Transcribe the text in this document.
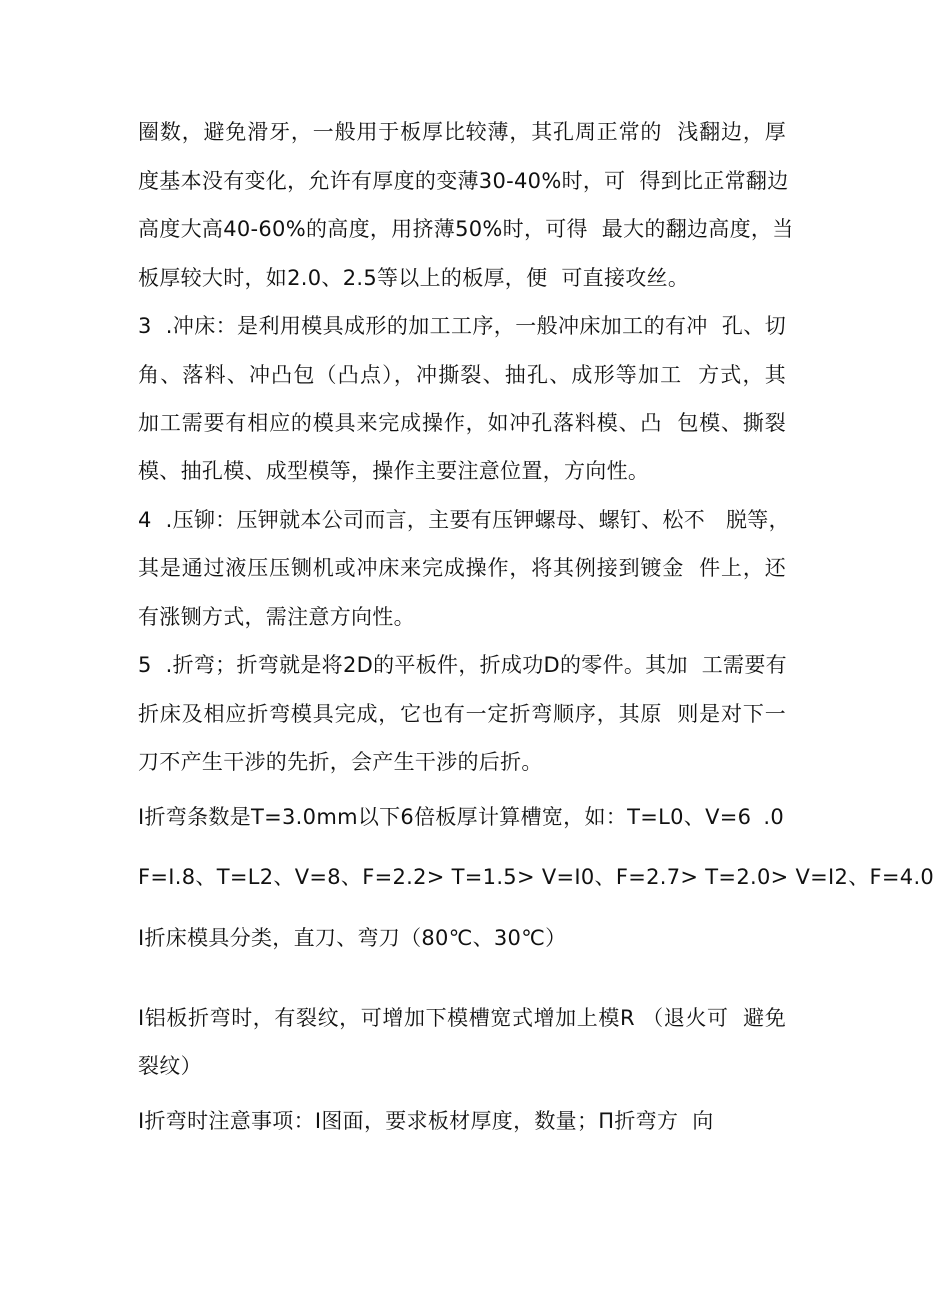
圈数，避免滑牙，一般用于板厚比较薄，其孔周正常的  浅翻边，厚
度基本没有变化，允许有厚度的变薄30-40%时，可  得到比正常翻边
高度大高40-60%的高度，用挤薄50%时，可得  最大的翻边高度，当
板厚较大时，如2.0、2.5等以上的板厚，便  可直接攻丝。
3  .冲床：是利用模具成形的加工工序，一般冲床加工的有冲  孔、切
角、落料、冲凸包（凸点），冲撕裂、抽孔、成形等加工  方式，其
加工需要有相应的模具来完成操作，如冲孔落料模、凸  包模、撕裂
模、抽孔模、成型模等，操作主要注意位置，方向性。
4  .压铆：压钾就本公司而言，主要有压钾螺母、螺钉、松不   脱等，
其是通过液压压铡机或冲床来完成操作，将其例接到镀金  件上，还
有涨铡方式，需注意方向性。
5  .折弯；折弯就是将2D的平板件，折成功D的零件。其加  工需要有
折床及相应折弯模具完成，它也有一定折弯顺序，其原  则是对下一
刀不产生干涉的先折，会产生干涉的后折。
I折弯条数是T=3.0mm以下6倍板厚计算槽宽，如：T=L0、V=6 .0
F=I.8、T=L2、V=8、F=2.2> T=1.5> V=I0、F=2.7> T=2.0> V=I2、 F=4.0
I折床模具分类，直刀、弯刀（80℃、30℃）
I铝板折弯时，有裂纹，可增加下模槽宽式增加上模R （退火可  避免
裂纹）
I折弯时注意事项：I图面，要求板材厚度，数量；Π折弯方  向
